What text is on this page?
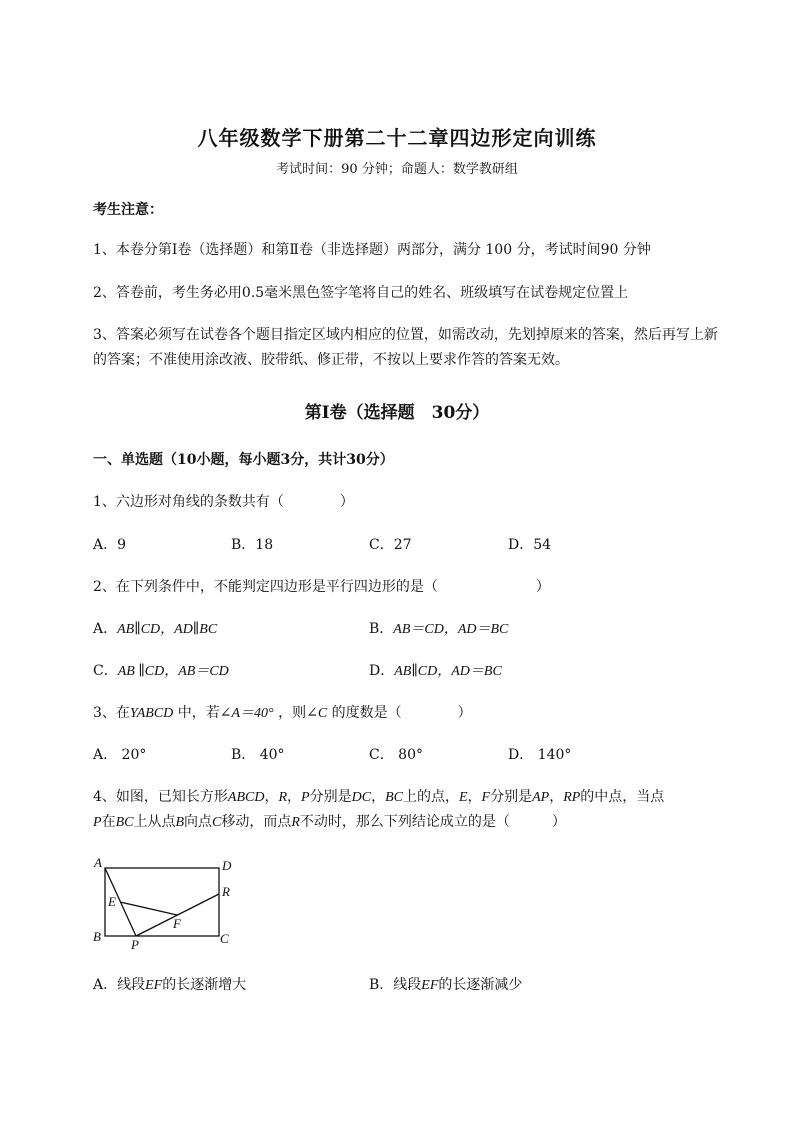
八年级数学下册第二十二章四边形定向训练
考试时间：90 分钟；命题人：数学教研组
考生注意：
1、本卷分第Ⅰ卷（选择题）和第Ⅱ卷（非选择题）两部分，满分 100 分，考试时间90 分钟
2、答卷前，考生务必用0.5毫米黑色签字笔将自己的姓名、班级填写在试卷规定位置上
3、答案必须写在试卷各个题目指定区域内相应的位置，如需改动，先划掉原来的答案，然后再写上新
的答案；不准使用涂改液、胶带纸、修正带，不按以上要求作答的答案无效。
第Ⅰ卷（选择题　30分）
一、单选题（10小题，每小题3分，共计30分）
1、六边形对角线的条数共有（　　　　）
A．9	B．18	C．27	D．54
2、在下列条件中，不能判定四边形是平行四边形的是（　　　　　　　）
A．AB∥CD，AD∥BC	B．AB＝CD，AD＝BC
C．AB ∥CD，AB＝CD	D．AB∥CD，AD＝BC
3、在YABCD 中，若∠A＝40° ，则∠C 的度数是（　　　　）
A． 20°	B． 40°	C． 80°	D． 140°
4、如图，已知长方形ABCD，R，P分别是DC，BC上的点，E，F分别是AP，RP的中点，当点
P在BC上从点B向点C移动，而点R不动时，那么下列结论成立的是（　　　）
A	D
R
E
F
B
P	C
A．线段EF的长逐渐增大	B．线段EF的长逐渐减少
